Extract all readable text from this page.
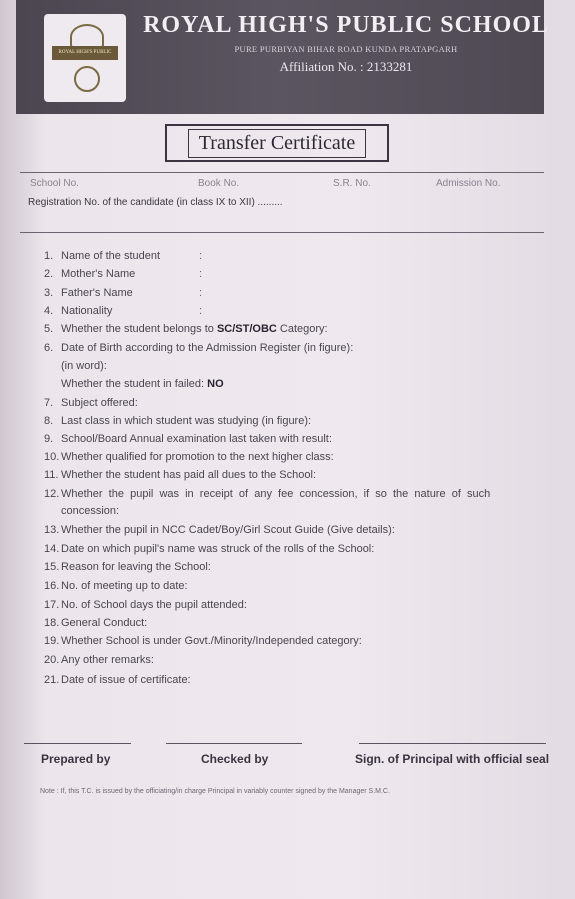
ROYAL HIGH'S PUBLIC SCHOOL
ROYAL HIGH'S PUBLIC SCHOOL
PURE PURBIYAN BIHAR ROAD KUNDA PRATAPGARH
Affiliation No. : 2133281
Transfer Certificate
School No.	Book No.	S.R. No.	Admission No.
Registration No. of the candidate (in class IX to XII) .........
1. Name of the student
2. Mother's Name
3. Father's Name
4. Nationality
5. Whether the student belongs to SC/ST/OBC Category:
6. Date of Birth according to the Admission Register (in figure):
(in word):
Whether the student in failed: NO
7. Subject offered:
8. Last class in which student was studying (in figure):
9. School/Board Annual examination last taken with result:
10. Whether qualified for promotion to the next higher class:
11. Whether the student has paid all dues to the School:
12. Whether  the  pupil  was  in  receipt  of  any  fee  concession,  if  so  the  nature  of  such
concession:
13. Whether the pupil in NCC Cadet/Boy/Girl Scout Guide (Give details):
14. Date on which pupil's name was struck of the rolls of the School:
15. Reason for leaving the School:
16. No. of meeting up to date:
17. No. of School days the pupil attended:
18. General Conduct:
19. Whether School is under Govt./Minority/Independed category:
20. Any other remarks:
21. Date of issue of certificate:
:
:
:
:
Prepared by	Checked by	Sign. of Principal with official seal
Note : If, this T.C. is issued by the officiating/in charge Principal in variably counter signed by the Manager S.M.C.
